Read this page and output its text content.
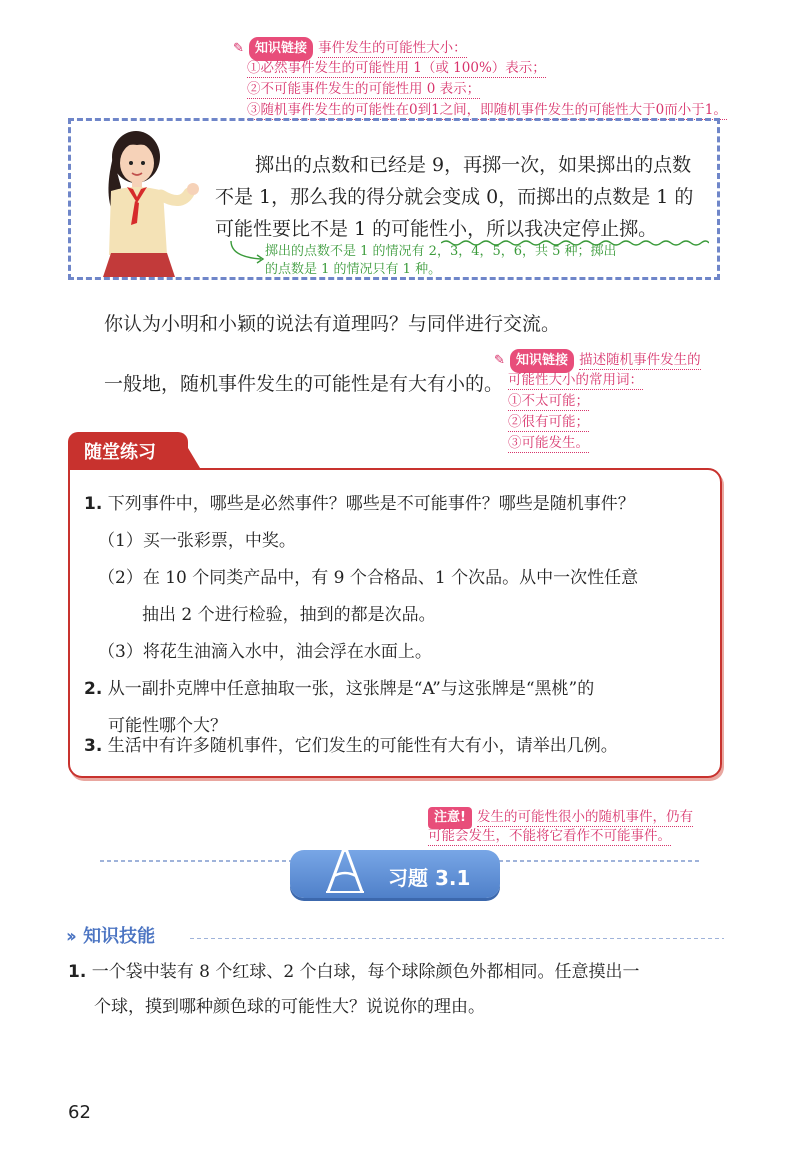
✎ 知识链接 事件发生的可能性大小：
①必然事件发生的可能性用 1（或 100%）表示；
②不可能事件发生的可能性用 0 表示；
③随机事件发生的可能性在0到1之间，即随机事件发生的可能性大于0而小于1。
掷出的点数和已经是 9，再掷一次，如果掷出的点数
不是 1，那么我的得分就会变成 0，而掷出的点数是 1 的
可能性要比不是 1 的可能性小，所以我决定停止掷。
掷出的点数不是 1 的情况有 2，3，4，5，6，共 5 种；掷出
的点数是 1 的情况只有 1 种。
你认为小明和小颖的说法有道理吗？与同伴进行交流。
一般地，随机事件发生的可能性是有大有小的。
✎ 知识链接 描述随机事件发生的
可能性大小的常用词：
①不太可能；
②很有可能；
③可能发生。
随堂练习
1. 下列事件中，哪些是必然事件？哪些是不可能事件？哪些是随机事件？
（1）买一张彩票，中奖。
（2）在 10 个同类产品中，有 9 个合格品、1 个次品。从中一次性任意
抽出 2 个进行检验，抽到的都是次品。
（3）将花生油滴入水中，油会浮在水面上。
2. 从一副扑克牌中任意抽取一张，这张牌是“A”与这张牌是“黑桃”的
可能性哪个大？
3. 生活中有许多随机事件，它们发生的可能性有大有小，请举出几例。
注意! 发生的可能性很小的随机事件，仍有
可能会发生，不能将它看作不可能事件。
习题 3.1
›› 知识技能
1. 一个袋中装有 8 个红球、2 个白球，每个球除颜色外都相同。任意摸出一
个球，摸到哪种颜色球的可能性大？说说你的理由。
62
